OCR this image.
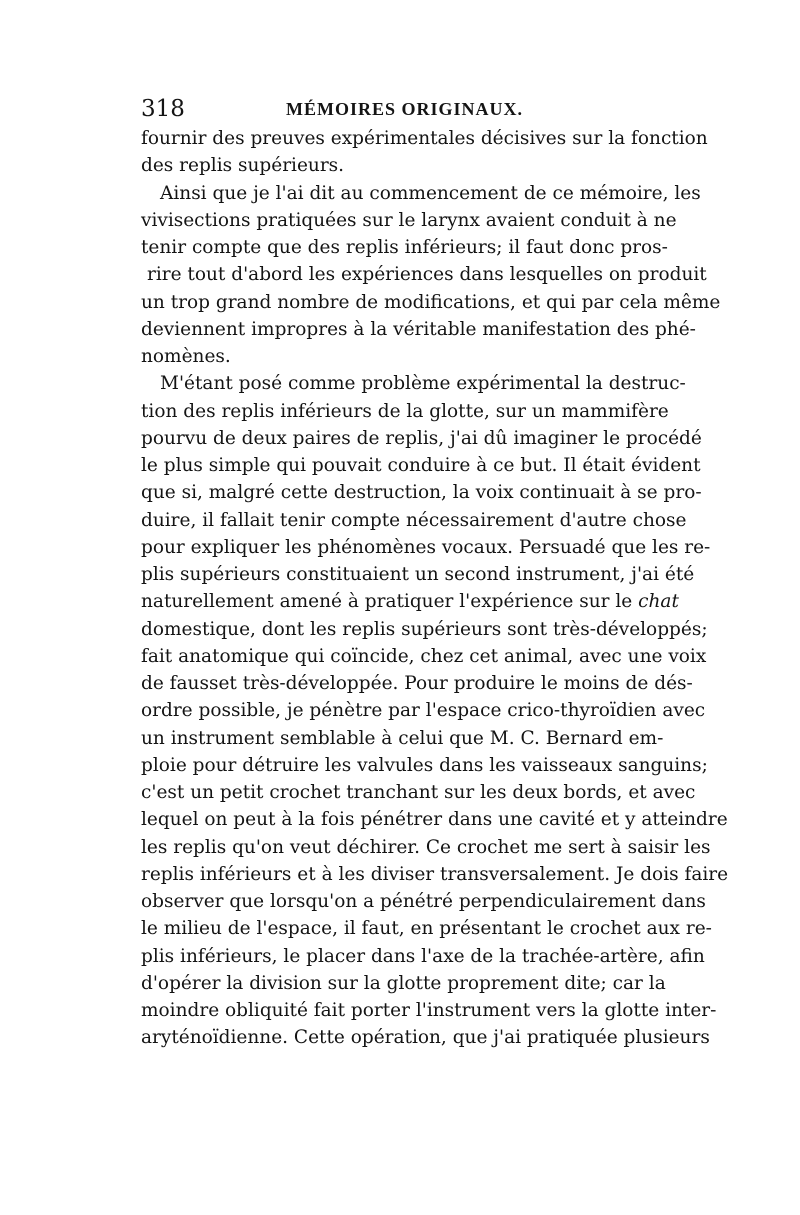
318	MÉMOIRES ORIGINAUX.
fournir des preuves expérimentales décisives sur la fonction
des replis supérieurs.
Ainsi que je l'ai dit au commencement de ce mémoire, les
vivisections pratiquées sur le larynx avaient conduit à ne
tenir compte que des replis inférieurs; il faut donc pros-
rire tout d'abord les expériences dans lesquelles on produit
un trop grand nombre de modifications, et qui par cela même
deviennent impropres à la véritable manifestation des phé-
nomènes.
M'étant posé comme problème expérimental la destruc-
tion des replis inférieurs de la glotte, sur un mammifère
pourvu de deux paires de replis, j'ai dû imaginer le procédé
le plus simple qui pouvait conduire à ce but. Il était évident
que si, malgré cette destruction, la voix continuait à se pro-
duire, il fallait tenir compte nécessairement d'autre chose
pour expliquer les phénomènes vocaux. Persuadé que les re-
plis supérieurs constituaient un second instrument, j'ai été
naturellement amené à pratiquer l'expérience sur le chat
domestique, dont les replis supérieurs sont très-développés;
fait anatomique qui coïncide, chez cet animal, avec une voix
de fausset très-développée. Pour produire le moins de dés-
ordre possible, je pénètre par l'espace crico-thyroïdien avec
un instrument semblable à celui que M. C. Bernard em-
ploie pour détruire les valvules dans les vaisseaux sanguins;
c'est un petit crochet tranchant sur les deux bords, et avec
lequel on peut à la fois pénétrer dans une cavité et y atteindre
les replis qu'on veut déchirer. Ce crochet me sert à saisir les
replis inférieurs et à les diviser transversalement. Je dois faire
observer que lorsqu'on a pénétré perpendiculairement dans
le milieu de l'espace, il faut, en présentant le crochet aux re-
plis inférieurs, le placer dans l'axe de la trachée-artère, afin
d'opérer la division sur la glotte proprement dite; car la
moindre obliquité fait porter l'instrument vers la glotte inter-
aryténoïdienne. Cette opération, que j'ai pratiquée plusieurs
